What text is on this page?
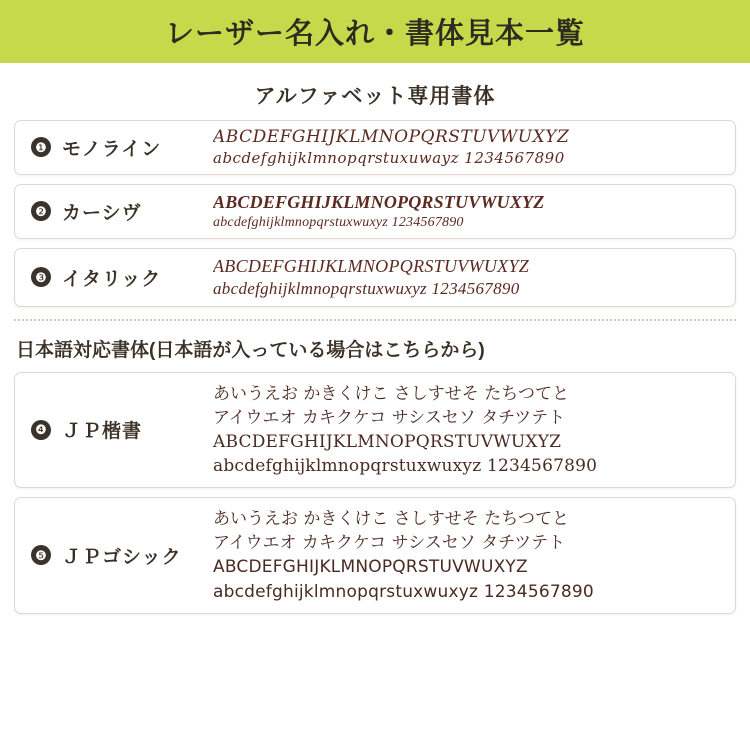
レーザー名入れ・書体見本一覧
アルファベット専用書体
❶ モノライン
ABCDEFGHIJKLMNOPQRSTUVWUXYZ
abcdefghijklmnopqrstuxuwayz 1234567890
❷ カーシヴ
ABCDEFGHIJKLMNOPQRSTUVWUXYZ
abcdefghijklmnopqrstuxwuxyz 1234567890
❸ イタリック
ABCDEFGHIJKLMNOPQRSTUVWUXYZ
abcdefghijklmnopqrstuxwuxyz 1234567890
日本語対応書体(日本語が入っている場合はこちらから)
❹ ＪＰ楷書
あいうえお かきくけこ さしすせそ たちつてと
アイウエオ カキクケコ サシスセソ タチツテト
ABCDEFGHIJKLMNOPQRSTUVWUXYZ
abcdefghijklmnopqrstuxwuxyz 1234567890
❺ ＪＰゴシック
あいうえお かきくけこ さしすせそ たちつてと
アイウエオ カキクケコ サシスセソ タチツテト
ABCDEFGHIJKLMNOPQRSTUVWUXYZ
abcdefghijklmnopqrstuxwuxyz 1234567890
